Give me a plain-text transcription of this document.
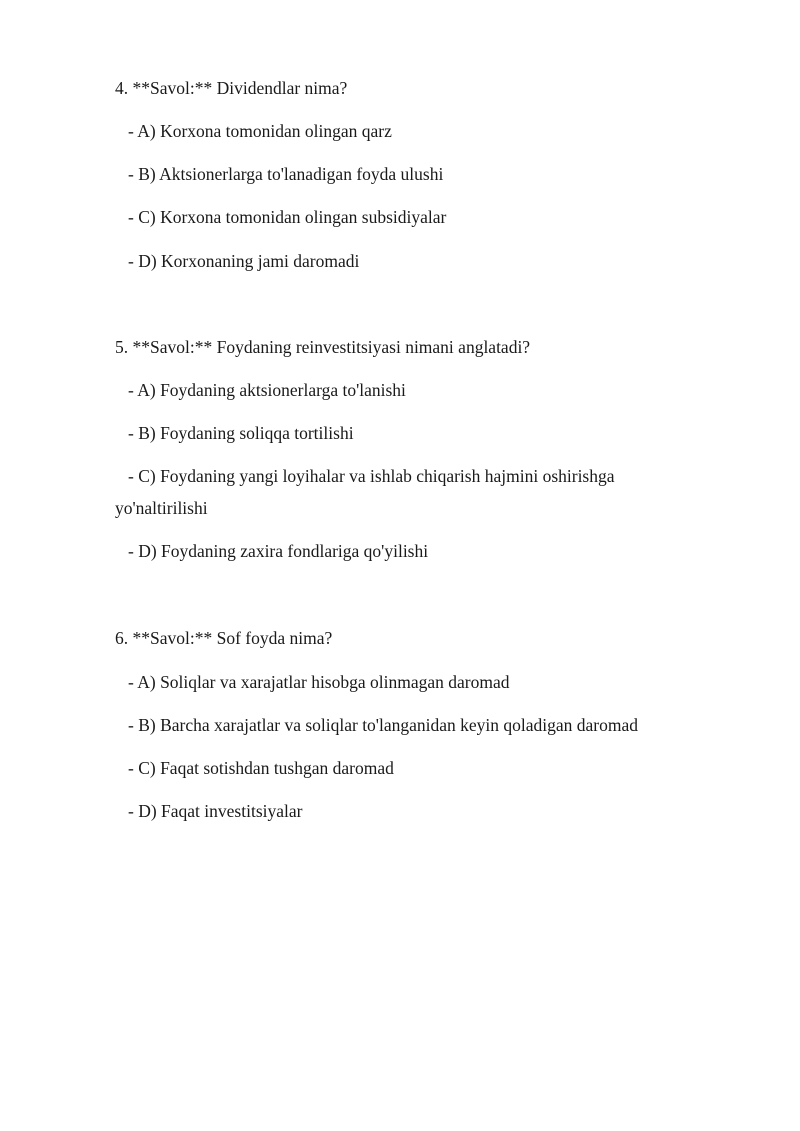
4. **Savol:** Dividendlar nima?
- A) Korxona tomonidan olingan qarz
- B) Aktsionerlarga to'lanadigan foyda ulushi
- C) Korxona tomonidan olingan subsidiyalar
- D) Korxonaning jami daromadi
5. **Savol:** Foydaning reinvestitsiyasi nimani anglatadi?
- A) Foydaning aktsionerlarga to'lanishi
- B) Foydaning soliqqa tortilishi
- C) Foydaning yangi loyihalar va ishlab chiqarish hajmini oshirishga
yo'naltirilishi
- D) Foydaning zaxira fondlariga qo'yilishi
6. **Savol:** Sof foyda nima?
- A) Soliqlar va xarajatlar hisobga olinmagan daromad
- B) Barcha xarajatlar va soliqlar to'langanidan keyin qoladigan daromad
- C) Faqat sotishdan tushgan daromad
- D) Faqat investitsiyalar
